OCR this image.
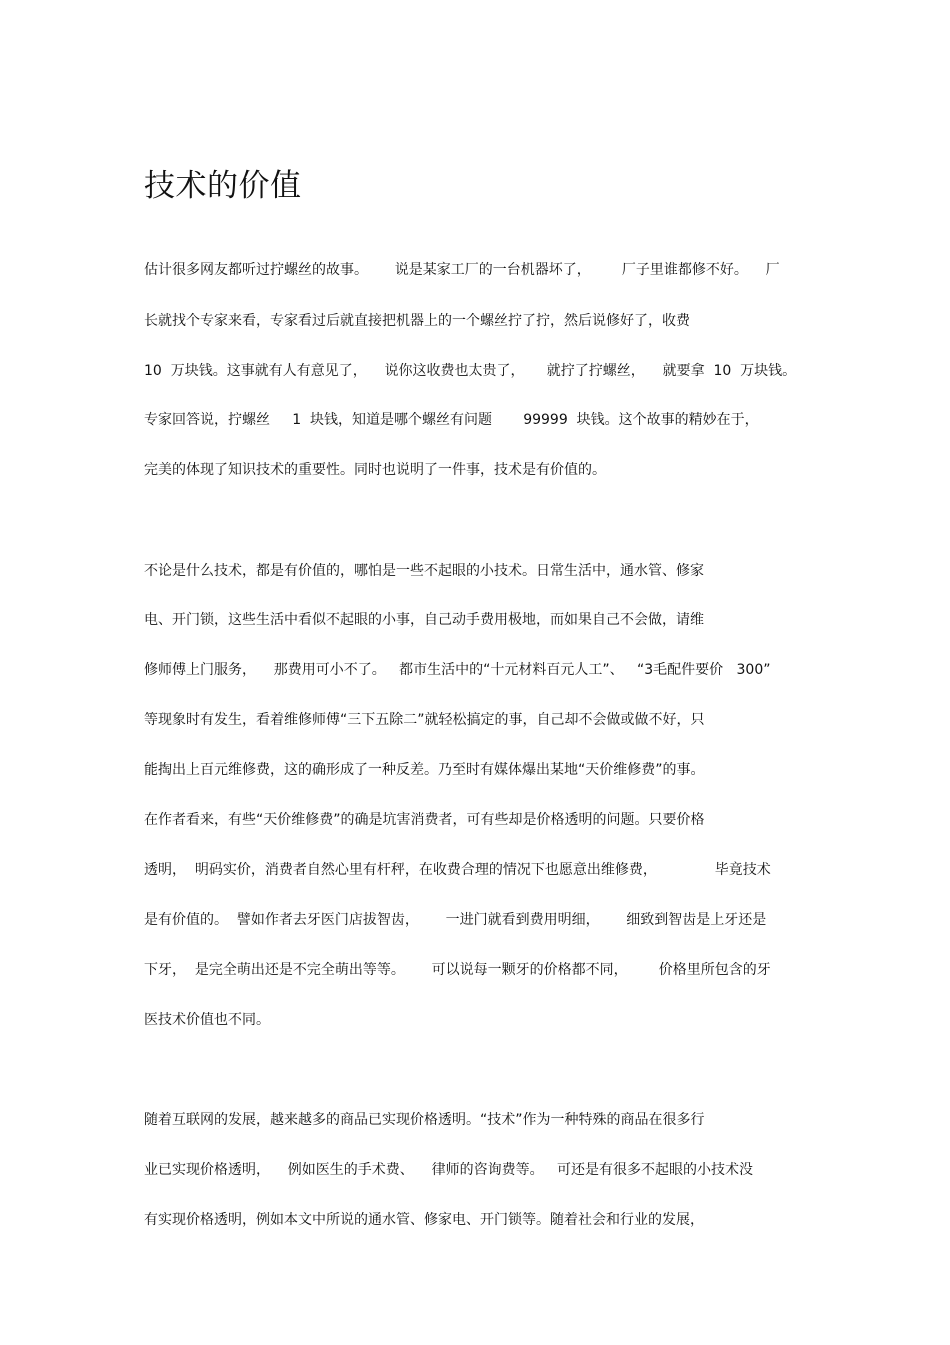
技术的价值

估计很多网友都听过拧螺丝的故事。      说是某家工厂的一台机器坏了，       厂子里谁都修不好。    厂

长就找个专家来看，专家看过后就直接把机器上的一个螺丝拧了拧，然后说修好了，收费

10  万块钱。这事就有人有意见了，    说你这收费也太贵了，     就拧了拧螺丝，    就要拿  10  万块钱。

专家回答说，拧螺丝     1  块钱，知道是哪个螺丝有问题       99999  块钱。这个故事的精妙在于，

完美的体现了知识技术的重要性。同时也说明了一件事，技术是有价值的。

不论是什么技术，都是有价值的，哪怕是一些不起眼的小技术。日常生活中，通水管、修家

电、开门锁，这些生活中看似不起眼的小事，自己动手费用极地，而如果自己不会做，请维

修师傅上门服务，    那费用可小不了。   都市生活中的“十元材料百元人工”、   “3毛配件要价   300”

等现象时有发生，看着维修师傅“三下五除二”就轻松搞定的事，自己却不会做或做不好，只

能掏出上百元维修费，这的确形成了一种反差。乃至时有媒体爆出某地“天价维修费”的事。

在作者看来，有些“天价维修费”的确是坑害消费者，可有些却是价格透明的问题。只要价格

透明，  明码实价，消费者自然心里有杆秤，在收费合理的情况下也愿意出维修费，             毕竟技术

是有价值的。  譬如作者去牙医门店拔智齿，      一进门就看到费用明细，      细致到智齿是上牙还是

下牙，  是完全萌出还是不完全萌出等等。      可以说每一颗牙的价格都不同，       价格里所包含的牙

医技术价值也不同。

随着互联网的发展，越来越多的商品已实现价格透明。“技术”作为一种特殊的商品在很多行

业已实现价格透明，    例如医生的手术费、    律师的咨询费等。   可还是有很多不起眼的小技术没

有实现价格透明，例如本文中所说的通水管、修家电、开门锁等。随着社会和行业的发展，
